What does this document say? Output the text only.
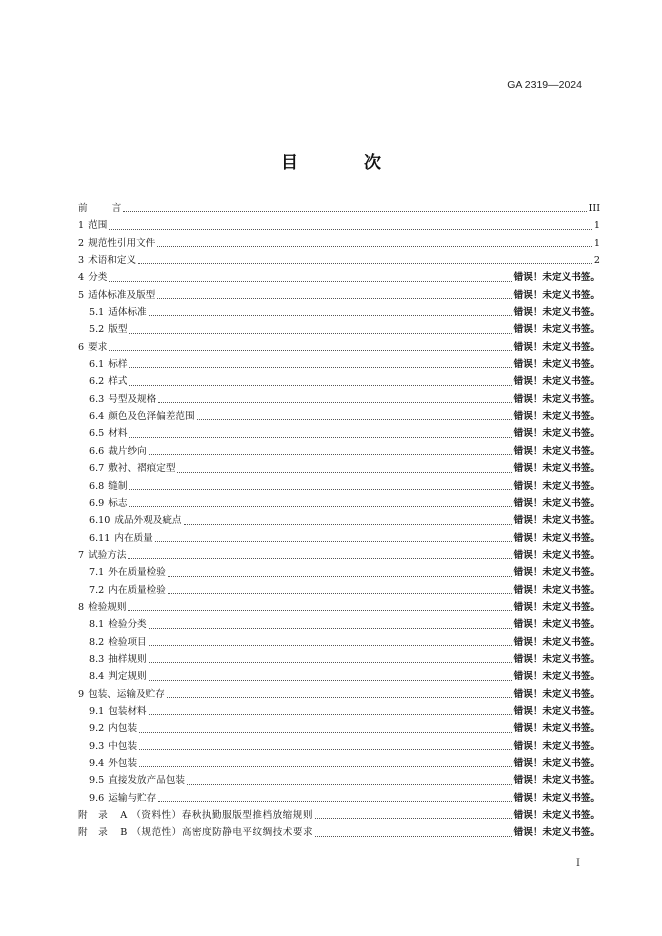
GA 2319—2024
目 次
前	言	III
1 范围	1
2 规范性引用文件	1
3 术语和定义	2
4 分类	错误！未定义书签。
5 适体标准及版型	错误！未定义书签。
5.1 适体标准	错误！未定义书签。
5.2 版型	错误！未定义书签。
6 要求	错误！未定义书签。
6.1 标样	错误！未定义书签。
6.2 样式	错误！未定义书签。
6.3 号型及规格	错误！未定义书签。
6.4 颜色及色泽偏差范围	错误！未定义书签。
6.5 材料	错误！未定义书签。
6.6 裁片纱向	错误！未定义书签。
6.7 敷衬、褶痕定型	错误！未定义书签。
6.8 缝制	错误！未定义书签。
6.9 标志	错误！未定义书签。
6.10 成品外观及疵点	错误！未定义书签。
6.11 内在质量	错误！未定义书签。
7 试验方法	错误！未定义书签。
7.1 外在质量检验	错误！未定义书签。
7.2 内在质量检验	错误！未定义书签。
8 检验规则	错误！未定义书签。
8.1 检验分类	错误！未定义书签。
8.2 检验项目	错误！未定义书签。
8.3 抽样规则	错误！未定义书签。
8.4 判定规则	错误！未定义书签。
9 包装、运输及贮存	错误！未定义书签。
9.1 包装材料	错误！未定义书签。
9.2 内包装	错误！未定义书签。
9.3 中包装	错误！未定义书签。
9.4 外包装	错误！未定义书签。
9.5 直接发放产品包装	错误！未定义书签。
9.6 运输与贮存	错误！未定义书签。
附　录 A （资料性）春秋执勤服版型推档放缩规则	错误！未定义书签。
附　录 B （规范性）高密度防静电平纹绸技术要求	错误！未定义书签。
I
